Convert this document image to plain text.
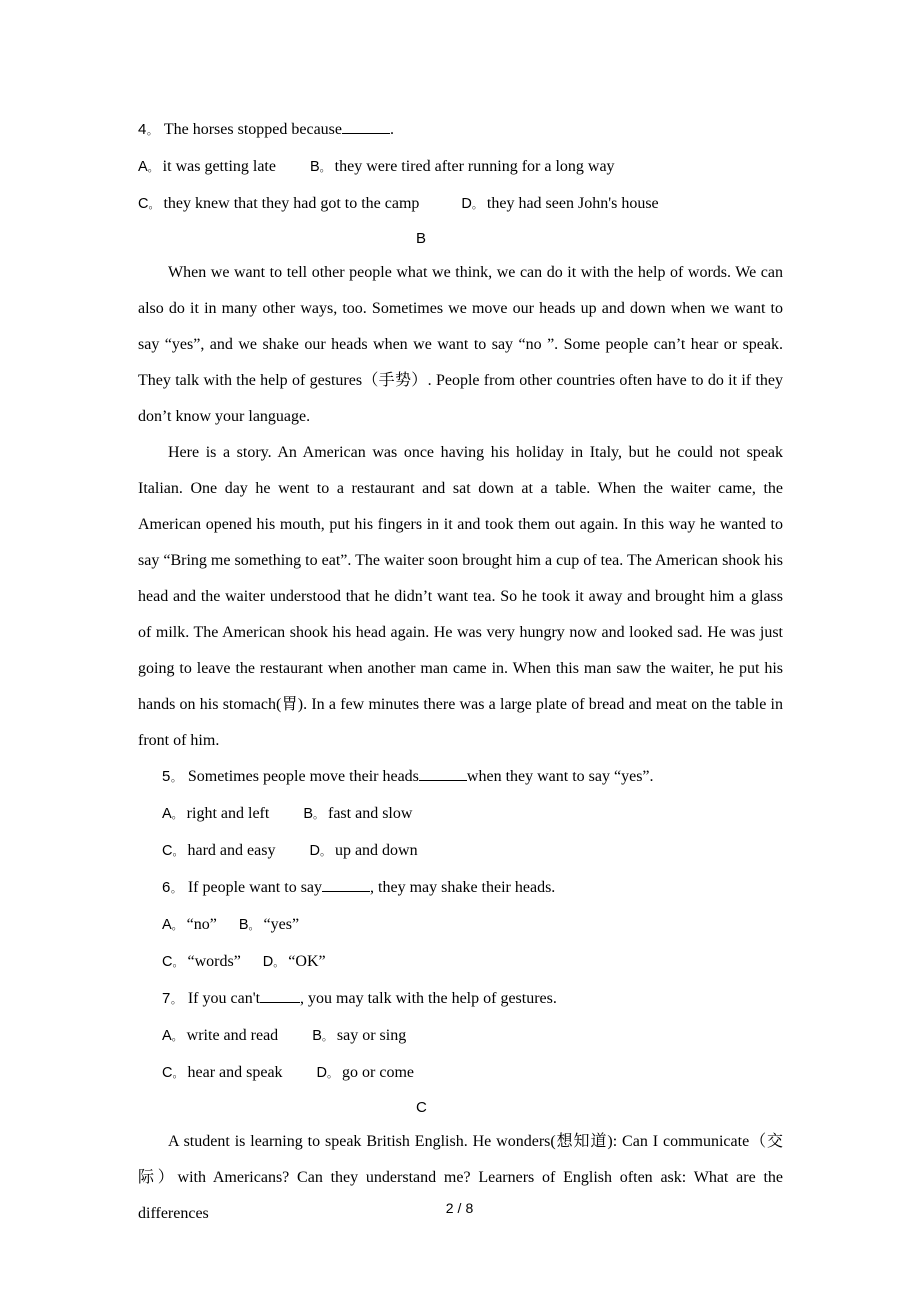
4 。 The horses stopped because	.
A 。 it was getting late B 。 they were tired after running for a long way
C 。 they knew that they had got to the camp	D 。 they had seen John's house
B

When we want to tell other people what we think, we can do it with the help of words. We can also do it in many other ways, too. Sometimes we move our heads up and down when we want to say “yes”, and we shake our heads when we want to say “no ”. Some people can’t hear or speak. They talk with the help of gestures（手势）. People from other countries often have to do it if they don’t know your language.

Here is a story. An American was once having his holiday in Italy, but he could not speak Italian. One day he went to a restaurant and sat down at a table. When the waiter came, the American opened his mouth, put his fingers in it and took them out again. In this way he wanted to say “Bring me something to eat”. The waiter soon brought him a cup of tea. The American shook his head and the waiter understood that he didn’t want tea. So he took it away and brought him a glass of milk. The American shook his head again. He was very hungry now and looked sad. He was just going to leave the restaurant when another man came in. When this man saw the waiter, he put his hands on his stomach(胃). In a few minutes there was a large plate of bread and meat on the table in front of him.

5 。 Sometimes people move their heads	when they want to say “yes”.
A 。 right and left B 。 fast and slow
C 。 hard and easy D 。 up and down
6 。 If people want to say	, they may shake their heads.
A 。 “no” B 。 “yes”
C 。 “words” D 。 “OK”
7 。 If you can't	, you may talk with the help of gestures.
A 。 write and read B 。 say or sing
C 。 hear and speak D 。 go or come
C

A student is learning to speak British English. He wonders(想知道): Can I communicate（交际）with Americans? Can they understand me? Learners of English often ask: What are the differences	2 / 8
